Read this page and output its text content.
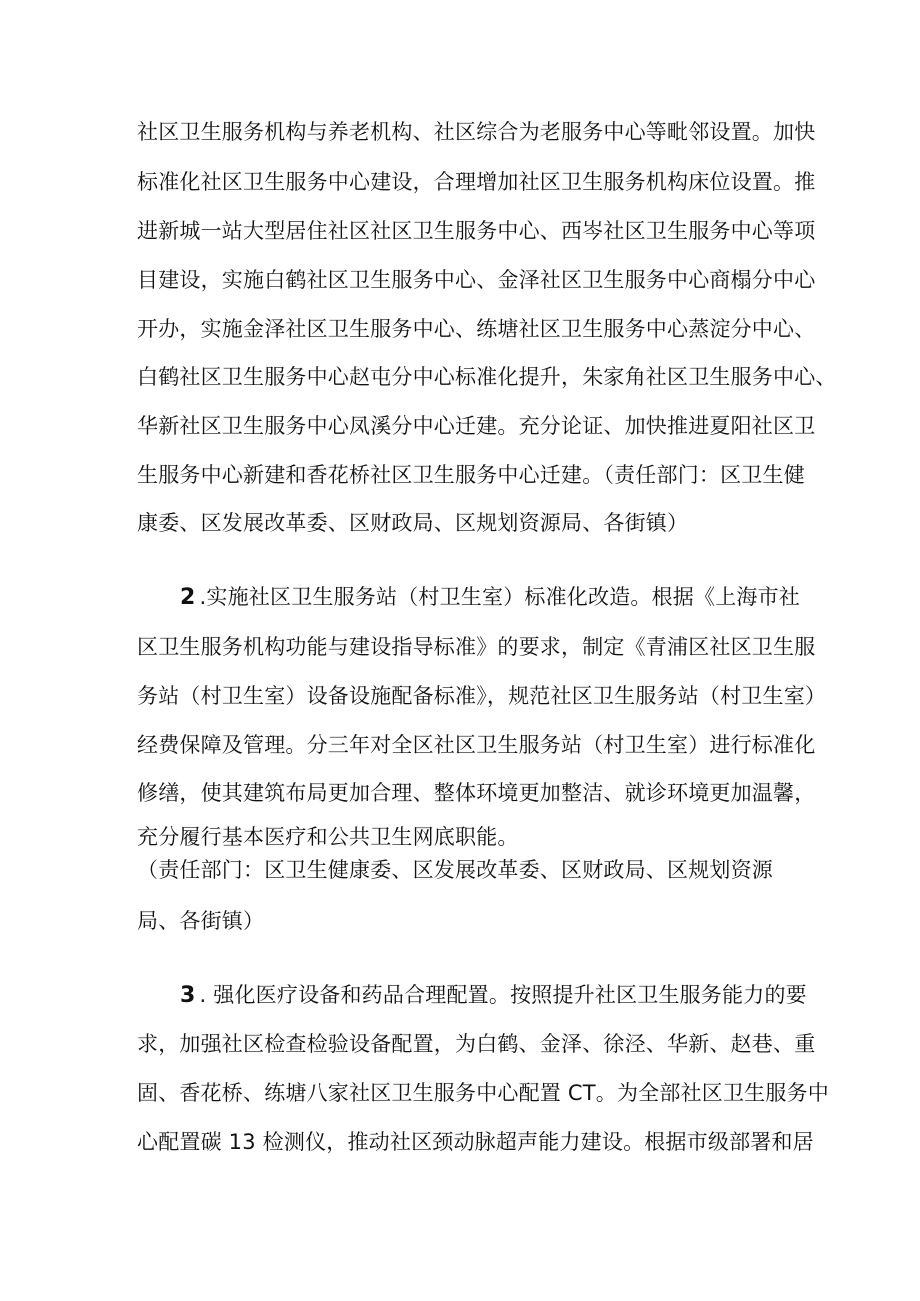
社区卫生服务机构与养老机构、社区综合为老服务中心等毗邻设置。加快
标准化社区卫生服务中心建设，合理增加社区卫生服务机构床位设置。推
进新城一站大型居住社区社区卫生服务中心、西岑社区卫生服务中心等项
目建设，实施白鹤社区卫生服务中心、金泽社区卫生服务中心商榻分中心
开办，实施金泽社区卫生服务中心、练塘社区卫生服务中心蒸淀分中心、
白鹤社区卫生服务中心赵屯分中心标准化提升，朱家角社区卫生服务中心、
华新社区卫生服务中心凤溪分中心迁建。充分论证、加快推进夏阳社区卫
生服务中心新建和香花桥社区卫生服务中心迁建。（责任部门：区卫生健
康委、区发展改革委、区财政局、区规划资源局、各街镇）
2 .实施社区卫生服务站（村卫生室）标准化改造。根据《上海市社
区卫生服务机构功能与建设指导标准》的要求，制定《青浦区社区卫生服
务站（村卫生室）设备设施配备标准》，规范社区卫生服务站（村卫生室）
经费保障及管理。分三年对全区社区卫生服务站（村卫生室）进行标准化
修缮，使其建筑布局更加合理、整体环境更加整洁、就诊环境更加温馨，
充分履行基本医疗和公共卫生网底职能。
（责任部门：区卫生健康委、区发展改革委、区财政局、区规划资源
局、各街镇）
3 . 强化医疗设备和药品合理配置。按照提升社区卫生服务能力的要
求，加强社区检查检验设备配置，为白鹤、金泽、徐泾、华新、赵巷、重
固、香花桥、练塘八家社区卫生服务中心配置 CT。为全部社区卫生服务中
心配置碳 13 检测仪，推动社区颈动脉超声能力建设。根据市级部署和居
